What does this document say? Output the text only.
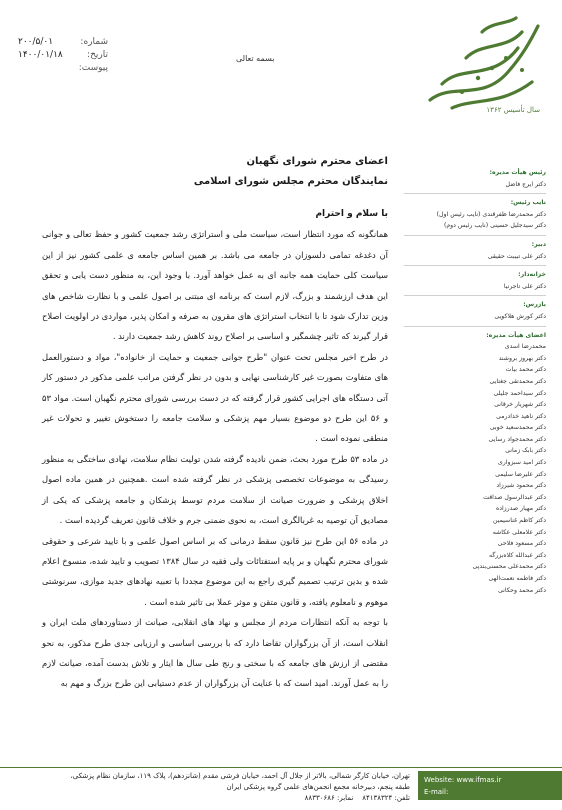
شماره:
۲۰۰/۵/۰۱
تاریخ:
۱۴۰۰/۰۱/۱۸
پیوست:
بسمه تعالی
سال تأسیس ۱۳۶۲
رئیس هیأت مدیره:
دکتر ایرج فاضل
نایب رئیس:
دکتر محمدرضا ظفرقندی (نایب رئیس اول)
دکتر سیدجلیل حسینی (نایب رئیس دوم)
دبیر:
دکتر علی تبیبت حقیقی
خزانه‌دار:
دکتر علی تاجرنیا
بازرس:
دکتر کورش هلاکویی
اعضای هیأت مدیره:
محمدرضا اسدی
دکتر بهروز بروشند
دکتر محمد بیات
دکتر محمدتقی جغتایی
دکتر سیداحمد جلیلی
دکتر شهریار خرقانی
دکتر ناهید خدادرمی
دکتر محمدسعید خوبی
دکتر محمدجواد رسایی
دکتر بابک زمانی
دکتر امید سبزواری
دکتر علیرضا سلیمی
دکتر محمود شیرزاد
دکتر عبدالرسول صداقت
دکتر مهیار صدرزاده
دکتر کاظم غناسیمین
دکتر علامعلی عکاشه
دکتر مسعود فلاحی
دکتر عبدالله کلاه‌بزرگه
دکتر محمدعلی محسنی‌بندپی
دکتر فاطمه نعمت‌الهی
دکتر محمد وحکانی
اعضای محترم شورای نگهبان
نمایندگان محترم مجلس شورای اسلامی
با سلام و احترام

همانگونه که مورد انتظار است، سیاست ملی و استراتژی رشد جمعیت کشور و حفظ تعالی و جوانی آن دغدغه تمامی دلسوزان در جامعه می باشد. بر همین اساس جامعه ی علمی کشور نیز از این سیاست کلی حمایت همه جانبه ای به عمل خواهد آورد. با وجود این، به منظور دست یابی و تحقق این هدف ارزشمند و بزرگ، لازم است که برنامه ای مبتنی بر اصول علمی و با نظارت شاخص های وزین تدارک شود تا با انتخاب استراتژی های مقرون به صرفه و امکان پذیر، مواردی در اولویت اصلاح قرار گیرند که تاثیر چشمگیر و اساسی بر اصلاح روند کاهش رشد جمعیت دارند .

در طرح اخیر مجلس تحت عنوان "طرح جوانی جمعیت و حمایت از خانواده"، مواد و دستورالعمل های متفاوت بصورت غیر کارشناسی نهایی و بدون در نظر گرفتن مراتب علمی مذکور در دستور کار آتی دستگاه های اجرایی کشور قرار گرفته که در دست بررسی شورای محترم نگهبان است. مواد ۵۳ و ۵۶ این طرح دو موضوع بسیار مهم پزشکی و سلامت جامعه را دستخوش تغییر و تحولات غیر منطقی نموده است .

در ماده ۵۳ طرح مورد بحث، ضمن نادیده گرفته شدن تولیت نظام سلامت، نهادی ساختگی به منظور رسیدگی به موضوعات تخصصی پزشکی در نظر گرفته شده است .همچنین در همین ماده اصول اخلاق پزشکی و ضرورت صیانت از سلامت مردم توسط پزشکان و جامعه پزشکی که یکی از مصادیق آن توصیه به غربالگری است، به نحوی ضمنی جرم و خلاف قانون تعریف گردیده است .

در ماده ۵۶ این طرح نیز قانون سقط درمانی که بر اساس اصول علمی و با تایید شرعی و حقوقی شورای محترم نگهبان و بر پایه استفتائات ولی فقیه در سال ۱۳۸۴ تصویب و تایید شده، منسوخ اعلام شده و بدین ترتیب تصمیم گیری راجع به این موضوع مجددا با تعبیه نهادهای جدید موازی، سرنوشتی موهوم و نامعلوم یافته، و قانون متقن و موثر عملا بی تاثیر شده است .

با توجه به آنکه انتظارات مردم از مجلس و نهاد های انقلابی، صیانت از دستاوردهای ملت ایران و انقلاب است، از آن بزرگواران تقاضا دارد که با بررسی اساسی و ارزیابی جدی طرح مذکور، به نحو مقتضی از ارزش های جامعه که با سختی و رنج طی سال ها ایثار و تلاش بدست آمده، صیانت لازم را به عمل آورند. امید است که با عنایت آن بزرگواران از عدم دستیابی این طرح بزرگ و مهم به

تهران، خیابان کارگر شمالی، بالاتر از جلال آل احمد، خیابان فرشی مقدم (شانزدهم)، پلاک ۱۱۹، سازمان نظام پزشکی،
طبقه پنجم، دبیرخانه مجمع انجمن‌های علمی گروه پزشکی ایران
تلفن: ۸۴۱۳۸۳۲۴    نمابر: ۸۸۳۳۰۶۸۶
Website: www.ifmas.ir
E-mail: majma.anjomanha@gmail.com
